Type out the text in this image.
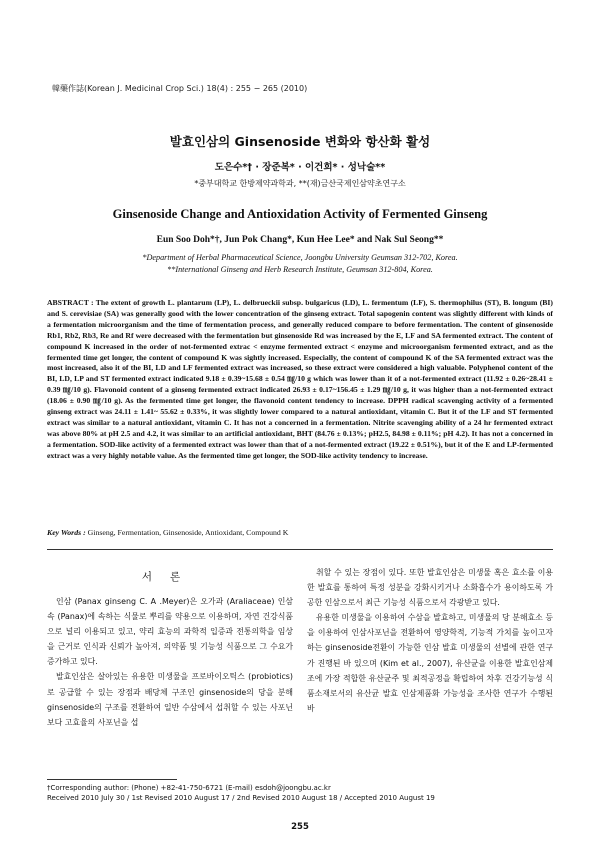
韓藥作誌(Korean J. Medicinal Crop Sci.) 18(4) : 255 − 265 (2010)
발효인삼의 Ginsenoside 변화와 항산화 활성
도은수*† · 장준복* · 이건희* · 성낙술**
*중부대학교 한방제약과학과, **(재)금산국제인삼약초연구소
Ginsenoside Change and Antioxidation Activity of Fermented Ginseng
Eun Soo Doh*†, Jun Pok Chang*, Kun Hee Lee* and Nak Sul Seong**
*Department of Herbal Pharmaceutical Science, Joongbu University Geumsan 312-702, Korea.
**International Ginseng and Herb Research Institute, Geumsan 312-804, Korea.
ABSTRACT : The extent of growth L. plantarum (LP), L. delbrueckii subsp. bulgaricus (LD), L. fermentum (LF), S. thermophilus (ST), B. longum (BI) and S. cerevisiae (SA) was generally good with the lower concentration of the ginseng extract. Total sapogenin content was slightly different with kinds of a fermentation microorganism and the time of fermentation process, and generally reduced compare to before fermentation. The content of ginsenoside Rb1, Rb2, Rb3, Re and Rf were decreased with the fermentation but ginsenoside Rd was increased by the E, LF and SA fermented extract. The content of compound K increased in the order of not-fermented extrac < enzyme fermented extract < enzyme and microorganism fermented extract, and as the fermented time get longer, the content of compound K was sightly increased. Especially, the content of compound K of the SA fermented extract was the most increased, also it of the BI, LD and LF fermented extract was increased, so these extract were considered a high valuable. Polyphenol content of the BI, LD, LP and ST fermented extract indicated 9.18 ± 0.39~15.68 ± 0.54 ㎎/10 g which was lower than it of a not-fermented extract (11.92 ± 0.26~28.41 ± 0.39 ㎎/10 g). Flavonoid content of a ginseng fermented extract indicated 26.93 ± 0.17~156.45 ± 1.29 ㎎/10 g, it was higher than a not-fermented extract (18.06 ± 0.90 ㎎/10 g). As the fermented time get longer, the flavonoid content tendency to increase. DPPH radical scavenging activity of a fermented ginseng extract was 24.11 ± 1.41~ 55.62 ± 0.33%, it was slightly lower compared to a natural antioxidant, vitamin C. But it of the LF and ST fermented extract was similar to a natural antioxidant, vitamin C. It has not a concerned in a fermentation. Nitrite scavenging ability of a 24 hr fermented extract was above 80% at pH 2.5 and 4.2, it was similar to an artificial antioxidant, BHT (84.76 ± 0.13%; pH2.5, 84.98 ± 0.11%; pH 4.2). It has not a concerned in a fermentation. SOD-like activity of a fermented extract was lower than that of a not-fermented extract (19.22 ± 0.51%), but it of the E and LP-fermented extract was a very highly notable value. As the fermented time get longer, the SOD-like activity tendency to increase.
Key Words : Ginseng, Fermentation, Ginsenoside, Antioxidant, Compound K
서론

인삼 (Panax ginseng C. A .Meyer)은 오가과 (Araliaceae) 인삼속 (Panax)에 속하는 식물로 뿌리를 약용으로 이용하며, 자연 건강식품으로 널리 이용되고 있고, 약리 효능의 과학적 입증과 전통의학을 임상을 근거로 인식과 신뢰가 높아져, 의약품 및 기능성 식품으로 그 수요가 증가하고 있다.

발효인삼은 살아있는 유용한 미생물을 프로바이오틱스 (probiotics)로 공급할 수 있는 장점과 배당체 구조인 ginsenoside의 당을 분해 ginsenoside의 구조를 전환하여 일반 수삼에서 섭취할 수 있는 사포닌 보다 고효율의 사포닌을 섭

취할 수 있는 장점이 있다. 또한 발효인삼은 미생물 혹은 효소를 이용한 발효를 통하여 특정 성분을 강화시키거나 소화흡수가 용이하도록 가공한 인삼으로서 최근 기능성 식품으로서 각광받고 있다.

유용한 미생물을 이용하여 수삼을 발효하고, 미생물의 당 분해효소 등을 이용하여 인삼사포닌을 전환하여 영양학적, 기능적 가치를 높이고자 하는 ginsenoside전환이 가능한 인삼 발효 미생물의 선별에 관한 연구가 진행된 바 있으며 (Kim et al., 2007), 유산균을 이용한 발효인삼제조에 가장 적합한 유산균주 및 최적공정을 확립하여 차후 건강기능성 식품소재로서의 유산균 발효 인삼제품화 가능성을 조사한 연구가 수행된 바

†Corresponding author: (Phone) +82-41-750-6721 (E-mail) esdoh@joongbu.ac.kr
Received 2010 July 30 / 1st Revised 2010 August 17 / 2nd Revised 2010 August 18 / Accepted 2010 August 19
255
